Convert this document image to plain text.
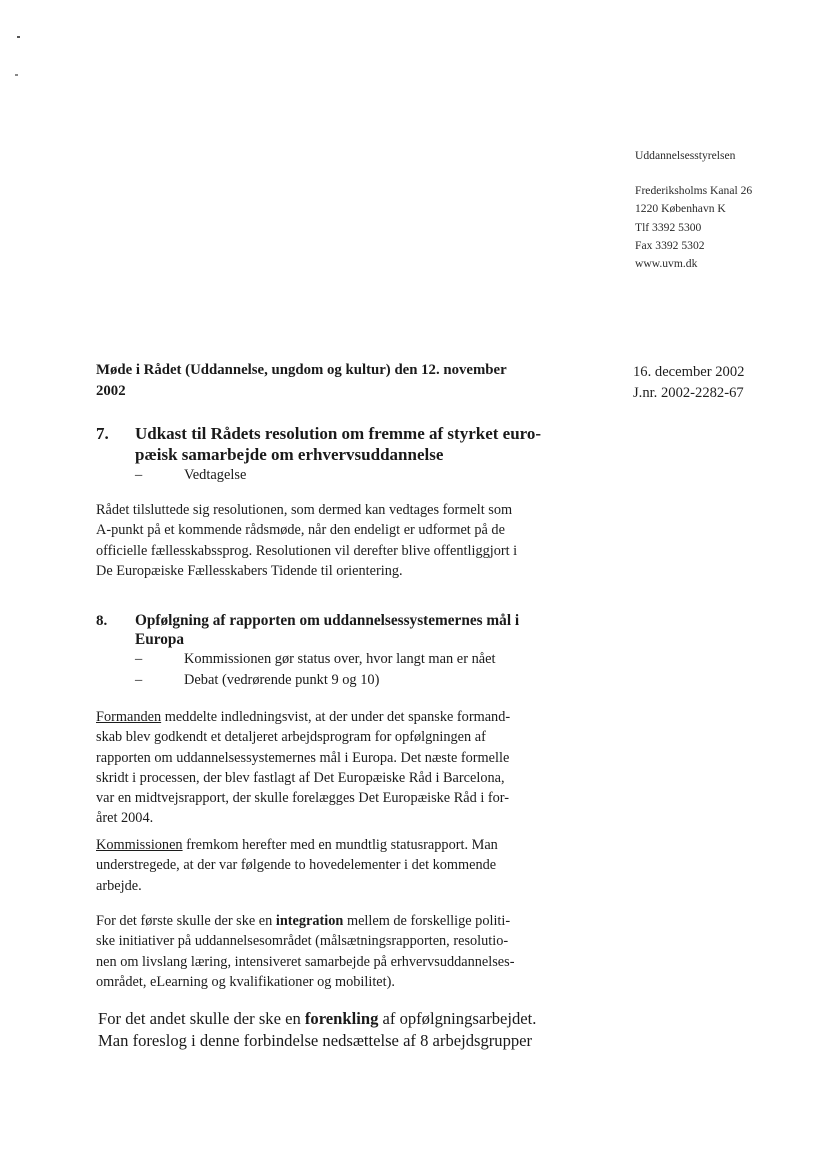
Uddannelsesstyrelsen
Frederiksholms Kanal 26
1220 København K
Tlf 3392 5300
Fax 3392 5302
www.uvm.dk
16. december 2002
J.nr. 2002-2282-67
Møde i Rådet (Uddannelse, ungdom og kultur) den 12. november
2002
7.	Udkast til Rådets resolution om fremme af styrket euro-
pæisk samarbejde om erhvervsuddannelse
–	Vedtagelse
Rådet tilsluttede sig resolutionen, som dermed kan vedtages formelt som
A-punkt på et kommende rådsmøde, når den endeligt er udformet på de
officielle fællesskabssprog. Resolutionen vil derefter blive offentliggjort i
De Europæiske Fællesskabers Tidende til orientering.
8.	Opfølgning af rapporten om uddannelsessystemernes mål i
Europa
–	Kommissionen gør status over, hvor langt man er nået
–	Debat (vedrørende punkt 9 og 10)
Formanden meddelte indledningsvist, at der under det spanske formand-
skab blev godkendt et detaljeret arbejdsprogram for opfølgningen af
rapporten om uddannelsessystemernes mål i Europa. Det næste formelle
skridt i processen, der blev fastlagt af Det Europæiske Råd i Barcelona,
var en midtvejsrapport, der skulle forelægges Det Europæiske Råd i for-
året 2004.
Kommissionen fremkom herefter med en mundtlig statusrapport. Man
understregede, at der var følgende to hovedelementer i det kommende
arbejde.
For det første skulle der ske en integration mellem de forskellige politi-
ske initiativer på uddannelsesområdet (målsætningsrapporten, resolutio-
nen om livslang læring, intensiveret samarbejde på erhvervsuddannelses-
området, eLearning og kvalifikationer og mobilitet).
For det andet skulle der ske en forenkling af opfølgningsarbejdet.
Man foreslog i denne forbindelse nedsættelse af 8 arbejdsgrupper
